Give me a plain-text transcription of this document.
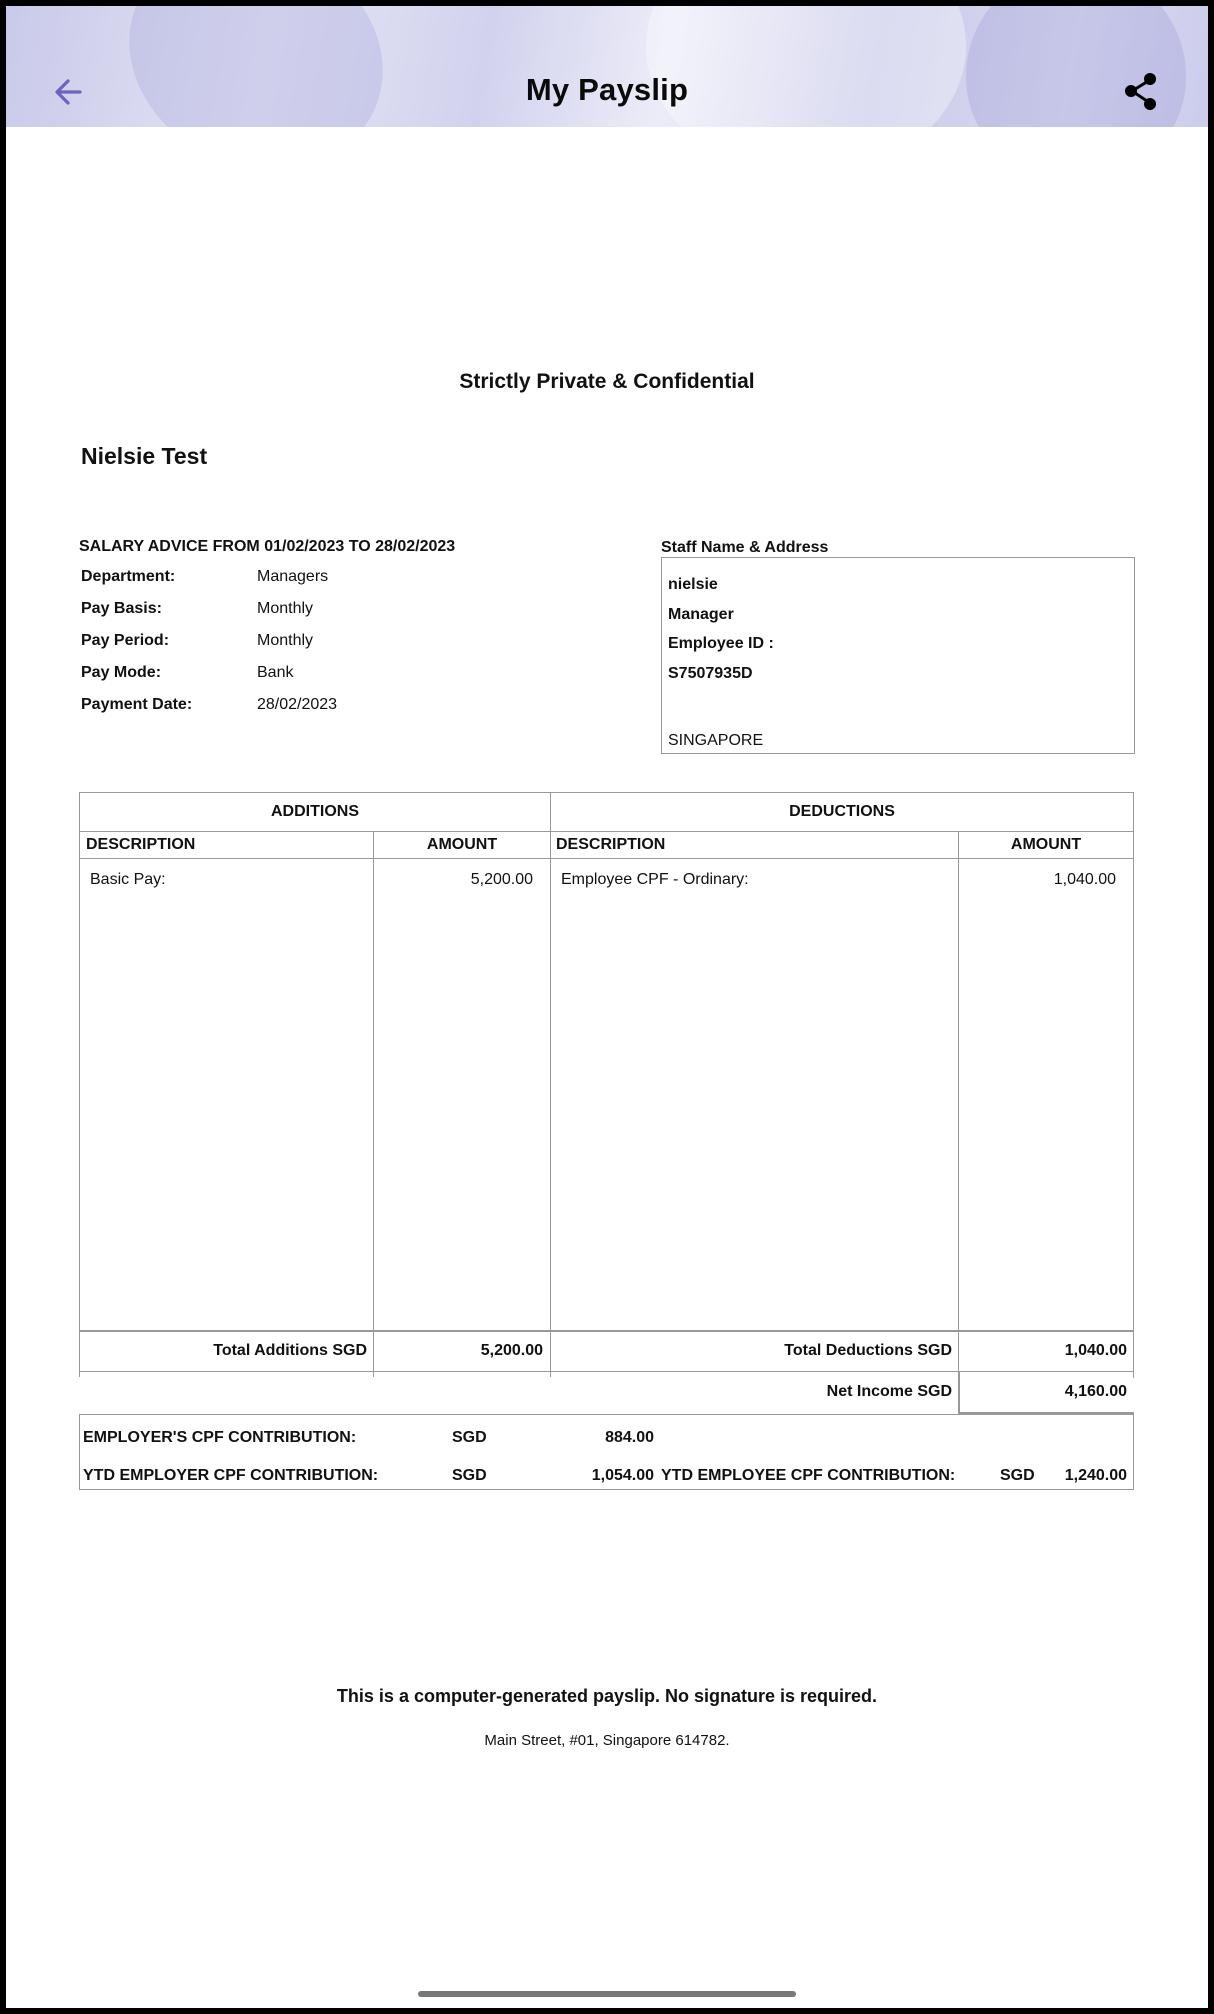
My Payslip
Strictly Private & Confidential
Nielsie Test
SALARY ADVICE FROM 01/02/2023 TO 28/02/2023
Department:	Managers
Pay Basis:	Monthly
Pay Period:	Monthly
Pay Mode:	Bank
Payment Date:	28/02/2023
Staff Name & Address
nielsie
Manager
Employee ID :
S7507935D
SINGAPORE
ADDITIONS	DEDUCTIONS
DESCRIPTION	AMOUNT	DESCRIPTION	AMOUNT
Basic Pay:	5,200.00 Employee CPF - Ordinary:	1,040.00
Total Additions SGD	5,200.00	Total Deductions SGD	1,040.00
Net Income SGD	4,160.00
EMPLOYER'S CPF CONTRIBUTION:	SGD	884.00
YTD EMPLOYER CPF CONTRIBUTION:	SGD	1,054.00 YTD EMPLOYEE CPF CONTRIBUTION:	SGD	1,240.00
This is a computer-generated payslip. No signature is required.
Main Street, #01, Singapore 614782.
